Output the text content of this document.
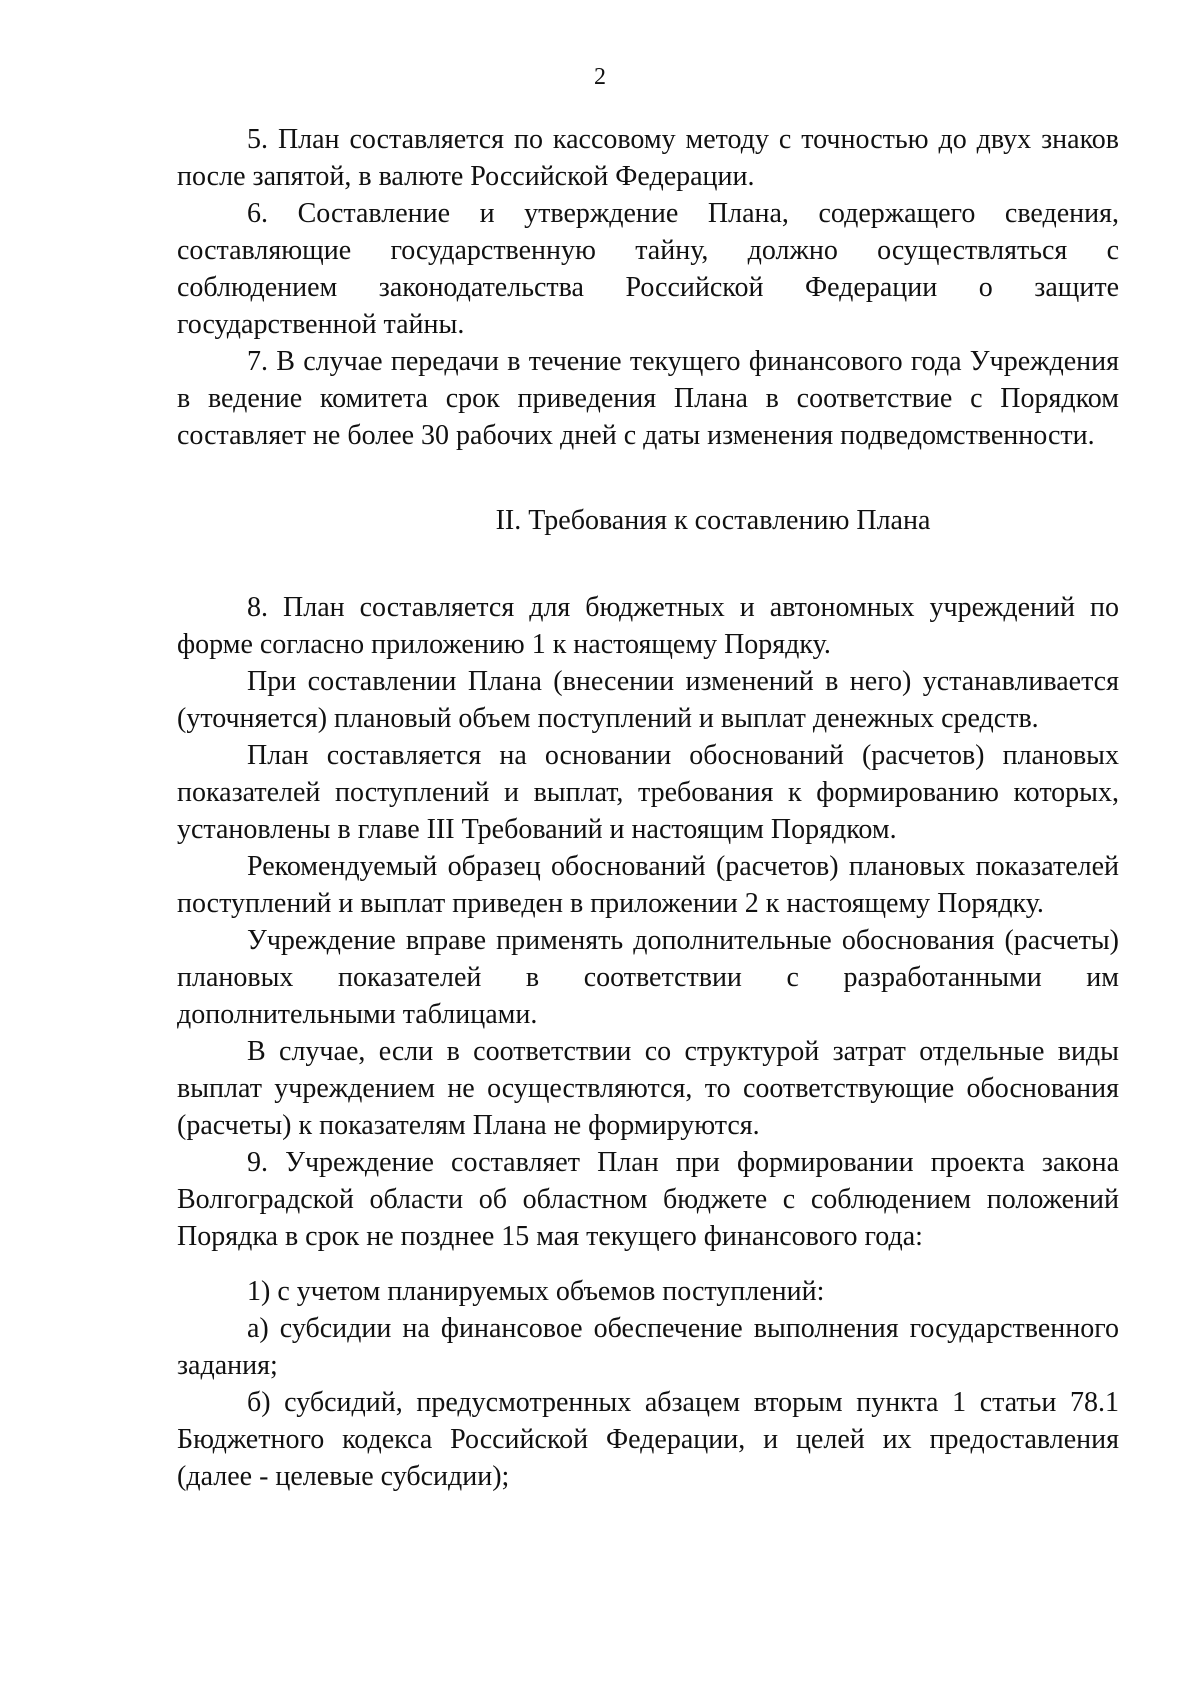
2

5. План составляется по кассовому методу с точностью до двух знаков после запятой, в валюте Российской Федерации.

6. Составление и утверждение Плана, содержащего сведения, составляющие государственную тайну, должно осуществляться с соблюдением законодательства Российской Федерации о защите государственной тайны.

7. В случае передачи в течение текущего финансового года Учреждения в ведение комитета срок приведения Плана в соответствие с Порядком составляет не более 30 рабочих дней с даты изменения подведомственности.

II. Требования к составлению Плана

8. План составляется для бюджетных и автономных учреждений по форме согласно приложению 1 к настоящему Порядку.

При составлении Плана (внесении изменений в него) устанавливается (уточняется) плановый объем поступлений и выплат денежных средств.

План составляется на основании обоснований (расчетов) плановых показателей поступлений и выплат, требования к формированию которых, установлены в главе III Требований и настоящим Порядком.

Рекомендуемый образец обоснований (расчетов) плановых показателей поступлений и выплат приведен в приложении 2 к настоящему Порядку.

Учреждение вправе применять дополнительные обоснования (расчеты) плановых показателей в соответствии с разработанными им дополнительными таблицами.

В случае, если в соответствии со структурой затрат отдельные виды выплат учреждением не осуществляются, то соответствующие обоснования (расчеты) к показателям Плана не формируются.

9. Учреждение составляет План при формировании проекта закона Волгоградской области об областном бюджете с соблюдением положений Порядка в срок не позднее 15 мая текущего финансового года:

1) с учетом планируемых объемов поступлений:

а) субсидии на финансовое обеспечение выполнения государственного задания;

б) субсидий, предусмотренных абзацем вторым пункта 1 статьи 78.1 Бюджетного кодекса Российской Федерации, и целей их предоставления (далее - целевые субсидии);
